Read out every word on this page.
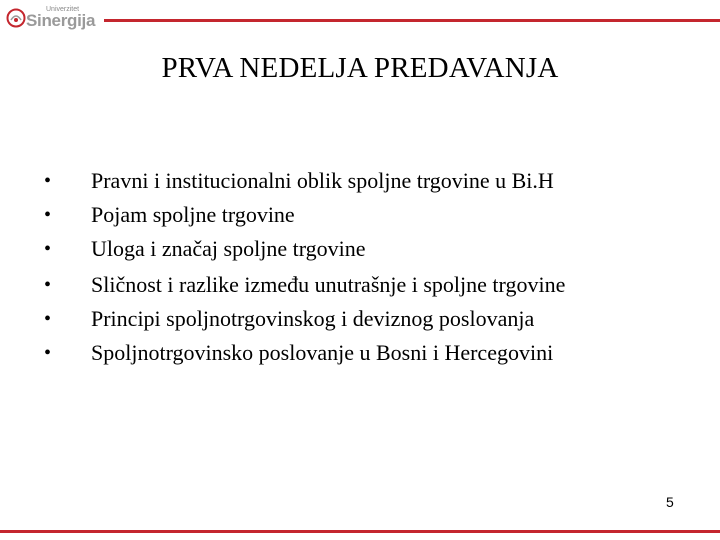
Univerzitet
Sinergija
PRVA NEDELJA PREDAVANJA
• Pravni i institucionalni oblik spoljne trgovine u Bi.H
• Pojam spoljne trgovine
• Uloga i značaj spoljne trgovine
• Sličnost i razlike između unutrašnje i spoljne trgovine
• Principi spoljnotrgovinskog i deviznog poslovanja
• Spoljnotrgovinsko poslovanje u Bosni i Hercegovini
5
